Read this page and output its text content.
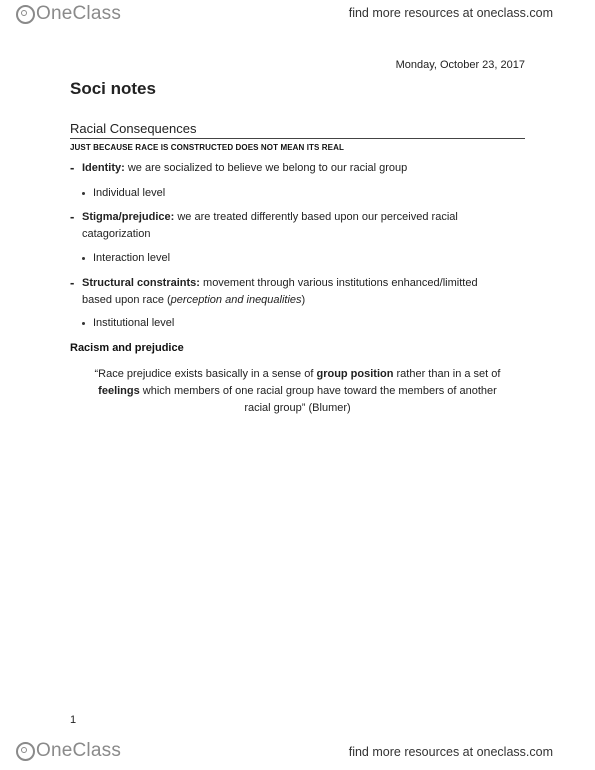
OneClass	find more resources at oneclass.com
Monday, October 23, 2017
Soci notes
Racial Consequences
JUST BECAUSE RACE IS CONSTRUCTED DOES NOT MEAN ITS REAL
- Identity: we are socialized to believe we belong to our racial group
Individual level
- Stigma/prejudice: we are treated differently based upon our perceived racial
catagorization
Interaction level
- Structural constraints: movement through various institutions enhanced/limitted
based upon race (perception and inequalities)
Institutional level
Racism and prejudice
“Race prejudice exists basically in a sense of group position rather than in a set of
feelings which members of one racial group have toward the members of another
racial group” (Blumer)
1
OneClass	find more resources at oneclass.com
